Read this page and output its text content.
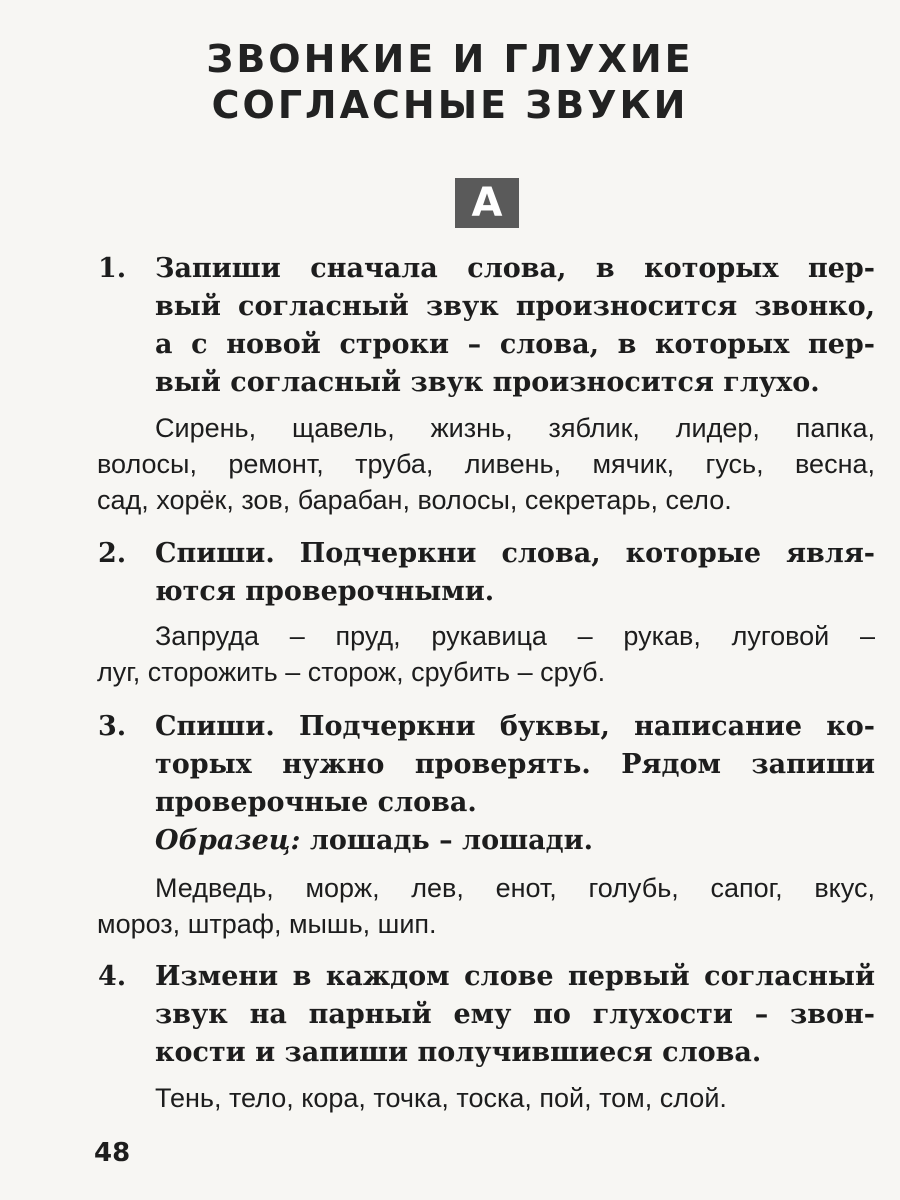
ЗВОНКИЕ И ГЛУХИЕ
СОГЛАСНЫЕ ЗВУКИ
А
1. Запиши сначала слова, в которых пер-
вый согласный звук произносится звонко,
а с новой строки – слова, в которых пер-
вый согласный звук произносится глухо.
Сирень, щавель, жизнь, зяблик, лидер, папка,
волосы, ремонт, труба, ливень, мячик, гусь, весна,
сад, хорёк, зов, барабан, волосы, секретарь, село.
2. Спиши. Подчеркни слова, которые явля-
ются проверочными.
Запруда – пруд, рукавица – рукав, луговой –
луг, сторожить – сторож, срубить – сруб.
3. Спиши. Подчеркни буквы, написание ко-
торых нужно проверять. Рядом запиши
проверочные слова.
Образец: лошадь – лошади.
Медведь, морж, лев, енот, голубь, сапог, вкус,
мороз, штраф, мышь, шип.
4. Измени в каждом слове первый согласный
звук на парный ему по глухости – звон-
кости и запиши получившиеся слова.
Тень, тело, кора, точка, тоска, пой, том, слой.
48
